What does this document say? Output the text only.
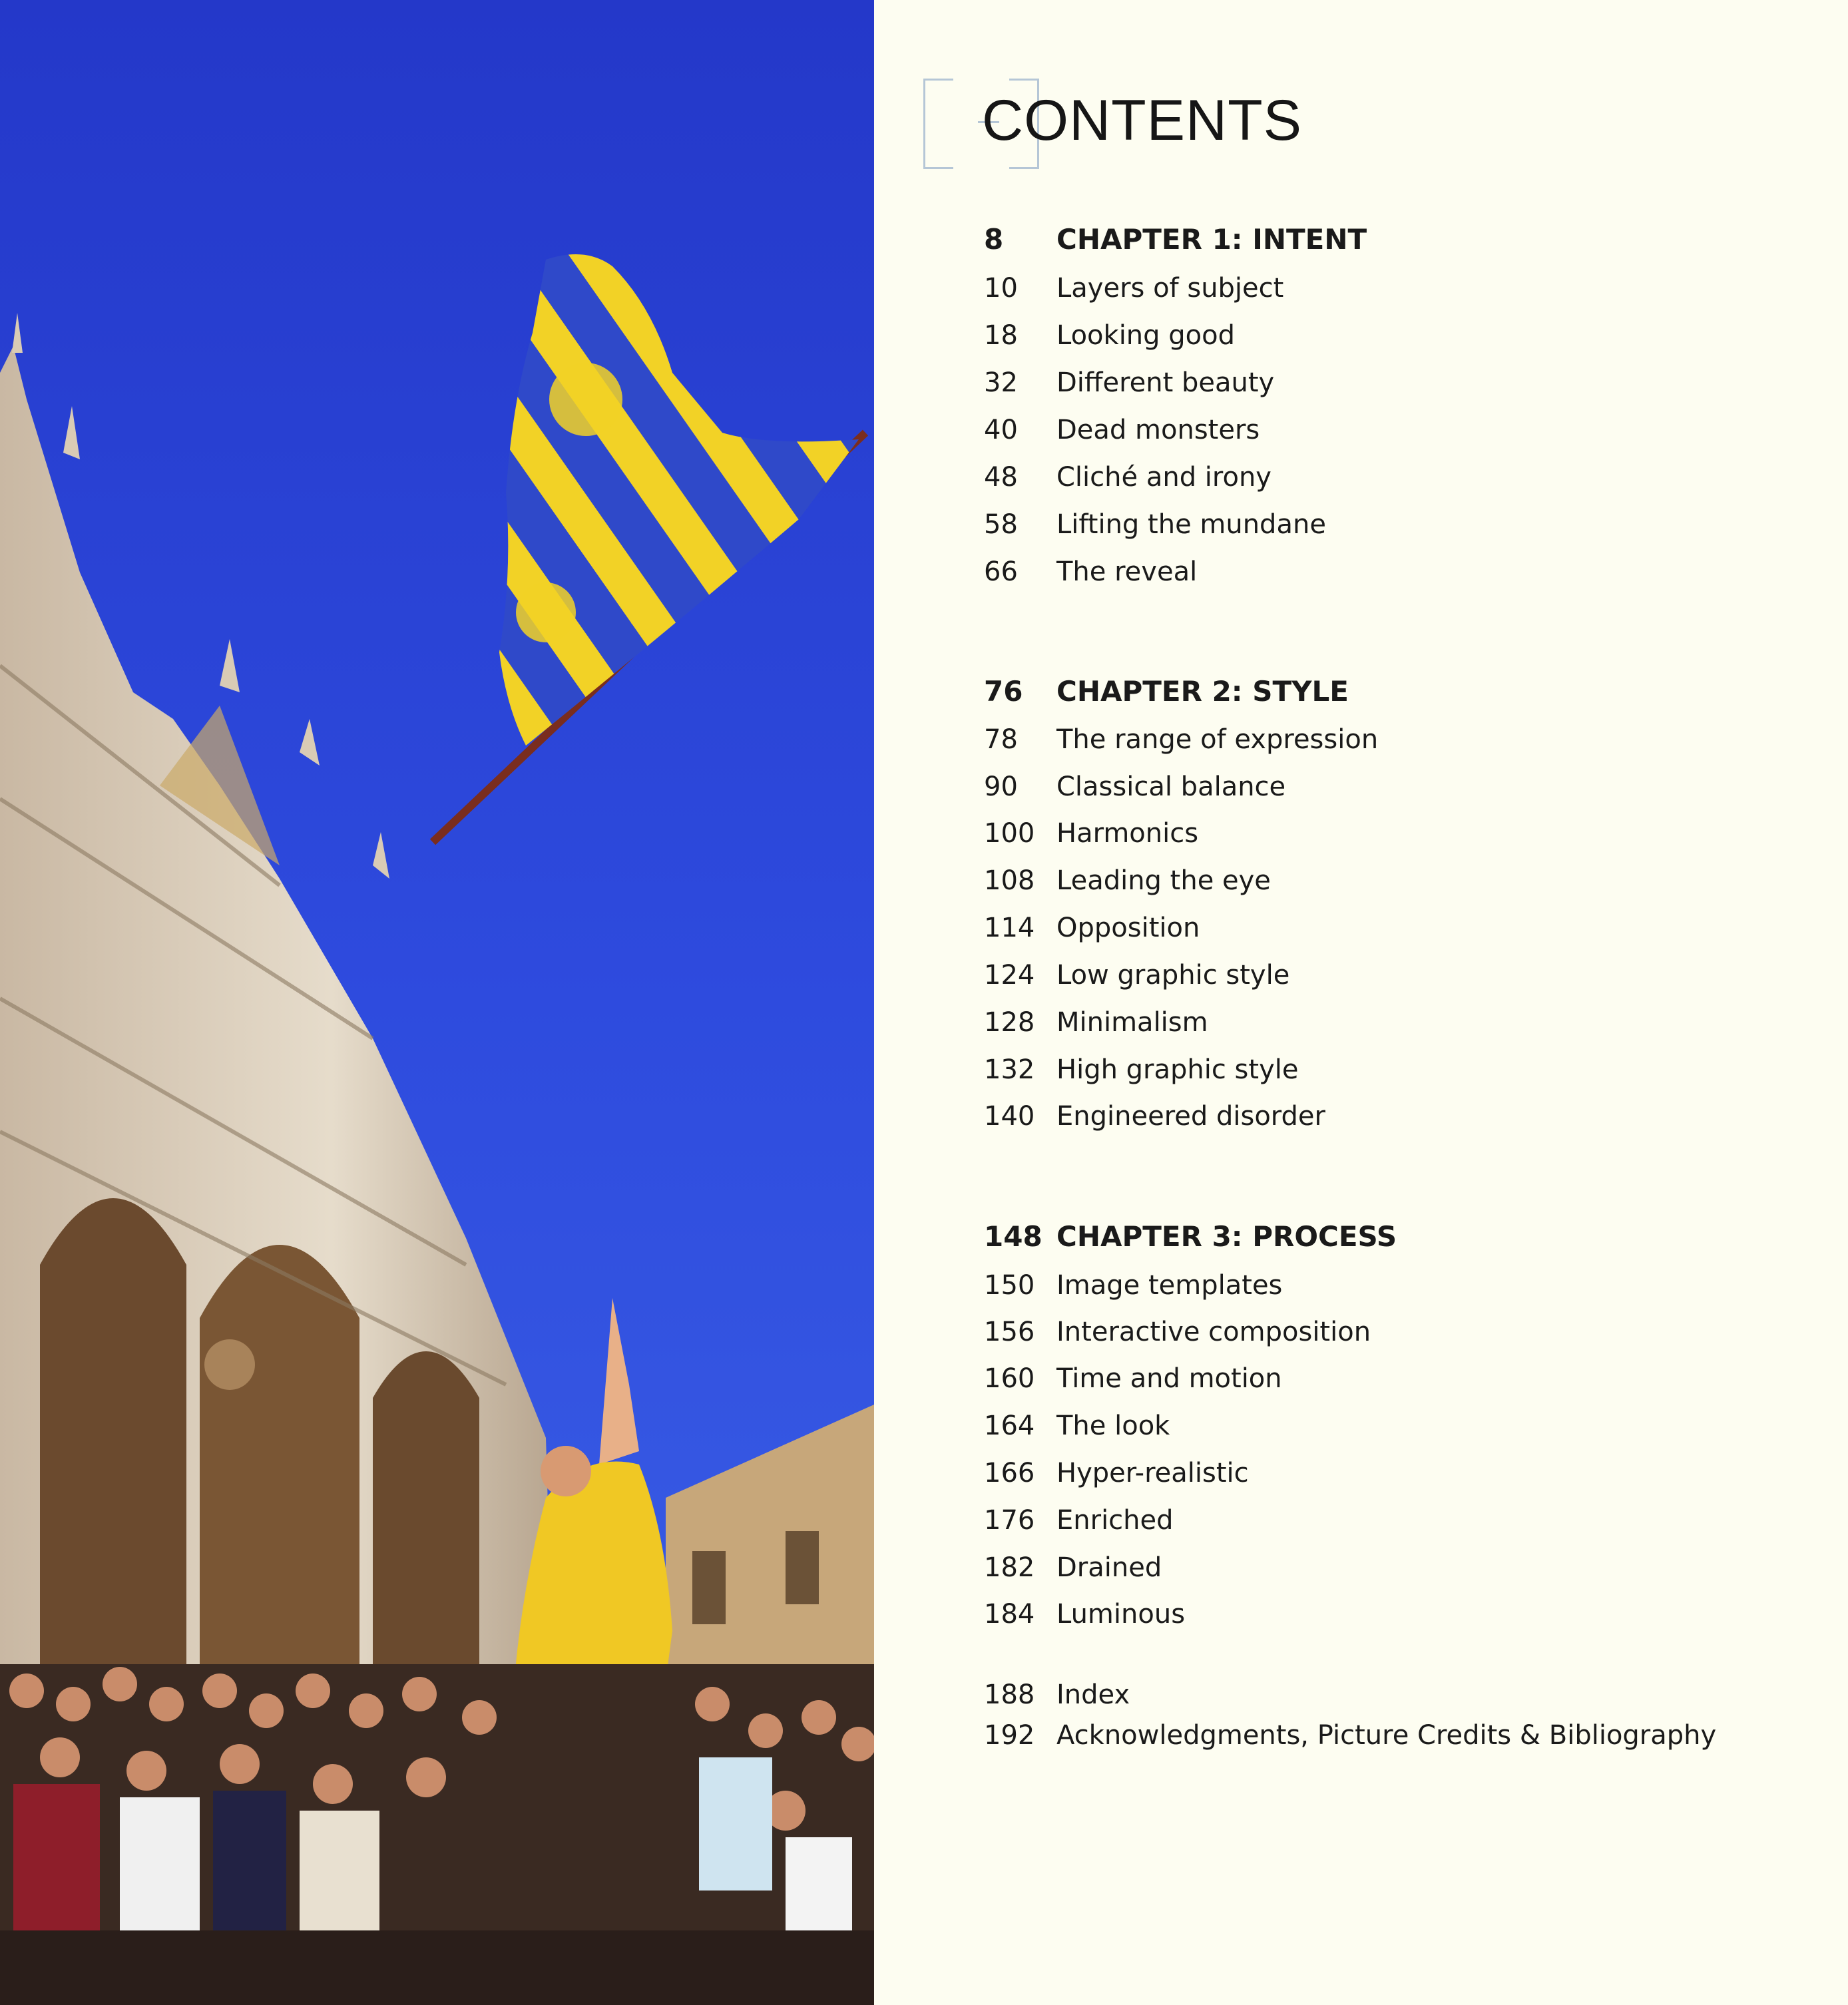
CONTENTS
8	CHAPTER 1: INTENT
10	Layers of subject
18	Looking good
32	Different beauty
40	Dead monsters
48	Cliché and irony
58	Lifting the mundane
66	The reveal
76	CHAPTER 2: STYLE
78	The range of expression
90	Classical balance
100 Harmonics
108 Leading the eye
114 Opposition
124 Low graphic style
128 Minimalism
132 High graphic style
140 Engineered disorder
148 CHAPTER 3: PROCESS
150 Image templates
156 Interactive composition
160 Time and motion
164 The look
166 Hyper-realistic
176 Enriched
182 Drained
184 Luminous
188 Index
192 Acknowledgments, Picture Credits & Bibliography
